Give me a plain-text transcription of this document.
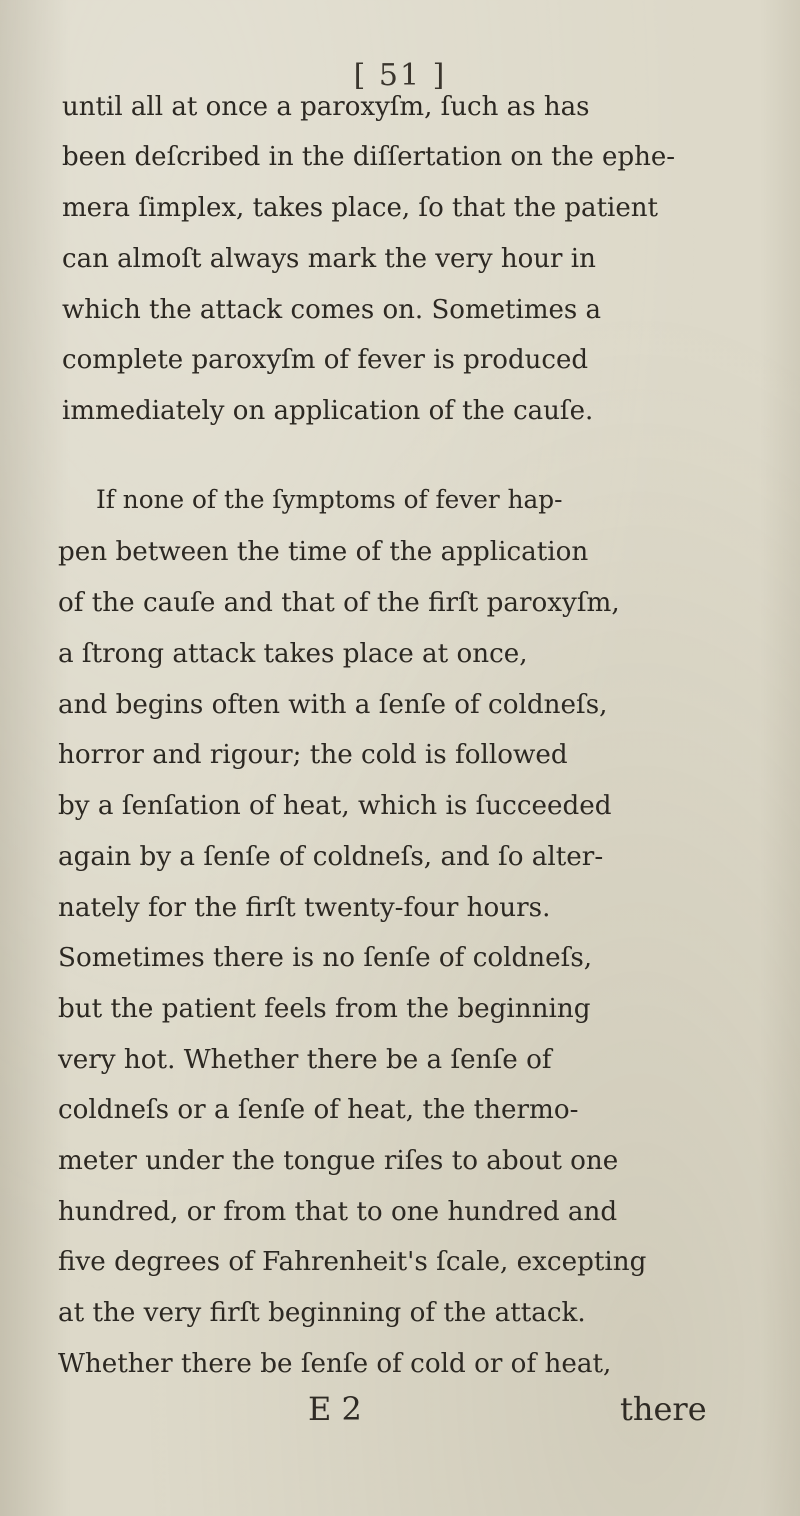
[ 51 ]
until all at once a paroxyſm, ſuch as has
been deſcribed in the diſſertation on the ephe-
mera ſimplex, takes place, ſo that the patient
can almoſt always mark the very hour in
which the attack comes on. Sometimes a
complete paroxyſm of fever is produced
immediately on application of the cauſe.
If none of the ſymptoms of fever hap-
pen between the time of the application
of the cauſe and that of the firſt paroxyſm,
a ſtrong attack takes place at once,
and begins often with a ſenſe of coldneſs,
horror and rigour; the cold is followed
by a ſenſation of heat, which is ſucceeded
again by a ſenſe of coldneſs, and ſo alter-
nately for the firſt twenty-four hours.
Sometimes there is no ſenſe of coldneſs,
but the patient feels from the beginning
very hot. Whether there be a ſenſe of
coldneſs or a ſenſe of heat, the thermo-
meter under the tongue riſes to about one
hundred, or from that to one hundred and
five degrees of Fahrenheit's ſcale, excepting
at the very firſt beginning of the attack.
Whether there be ſenſe of cold or of heat,
E 2	there
